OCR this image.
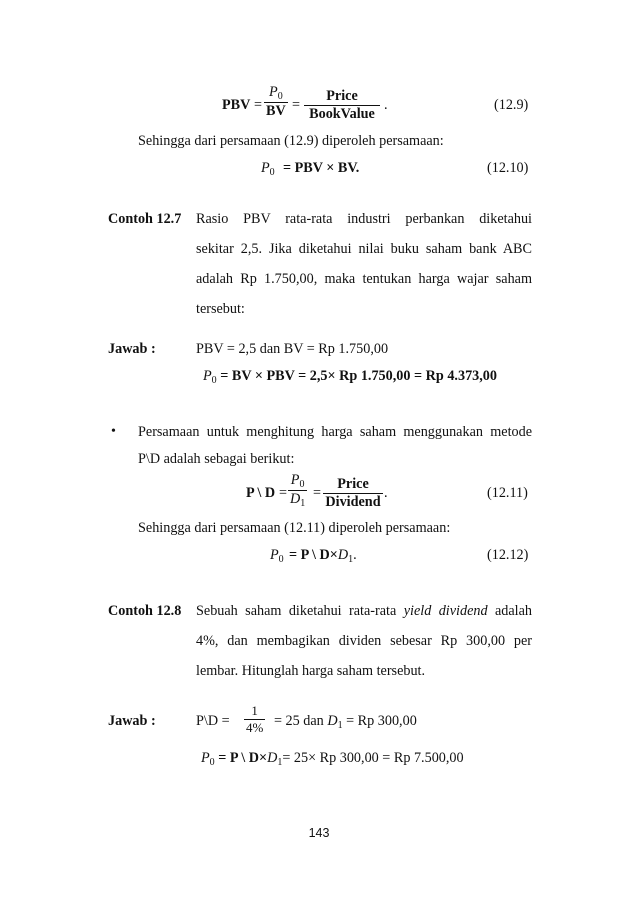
PBV = $\frac{P_0}{BV}$ =
Price
BookValue
.	(12.9)
Sehingga dari persamaan (12.9) diperoleh persamaan:
$P_0$ = PBV × BV.	(12.10)
Contoh 12.7 Rasio PBV rata-rata industri perbankan diketahui
sekitar 2,5. Jika diketahui nilai buku saham bank ABC
adalah Rp 1.750,00, maka tentukan harga wajar saham
tersebut:
Jawab :	PBV = 2,5 dan BV = Rp 1.750,00
$P_0$ = BV × PBV = 2,5× Rp 1.750,00 = Rp 4.373,00
• Persamaan untuk menghitung harga saham menggunakan metode
P\D adalah sebagai berikut:
P \ $D = \frac{P_0}{D_1}$ =
Price
Dividend
.	(12.11)
Sehingga dari persamaan (12.11) diperoleh persamaan:
$P_0 = P$ \ $D\times D_1$.	(12.12)
Contoh 12.8 Sebuah saham diketahui rata-rata yield dividend adalah
4%, dan membagikan dividen sebesar Rp 300,00 per
lembar. Hitunglah harga saham tersebut.
Jawab :	P\D = $\frac{1}{4\%} = 25$ dan $D_1 = Rp$ 300,00
$P_0 = P$ \ $D\times D_1= 25\times Rp$ 300,00 = Rp 7.500,00
143
